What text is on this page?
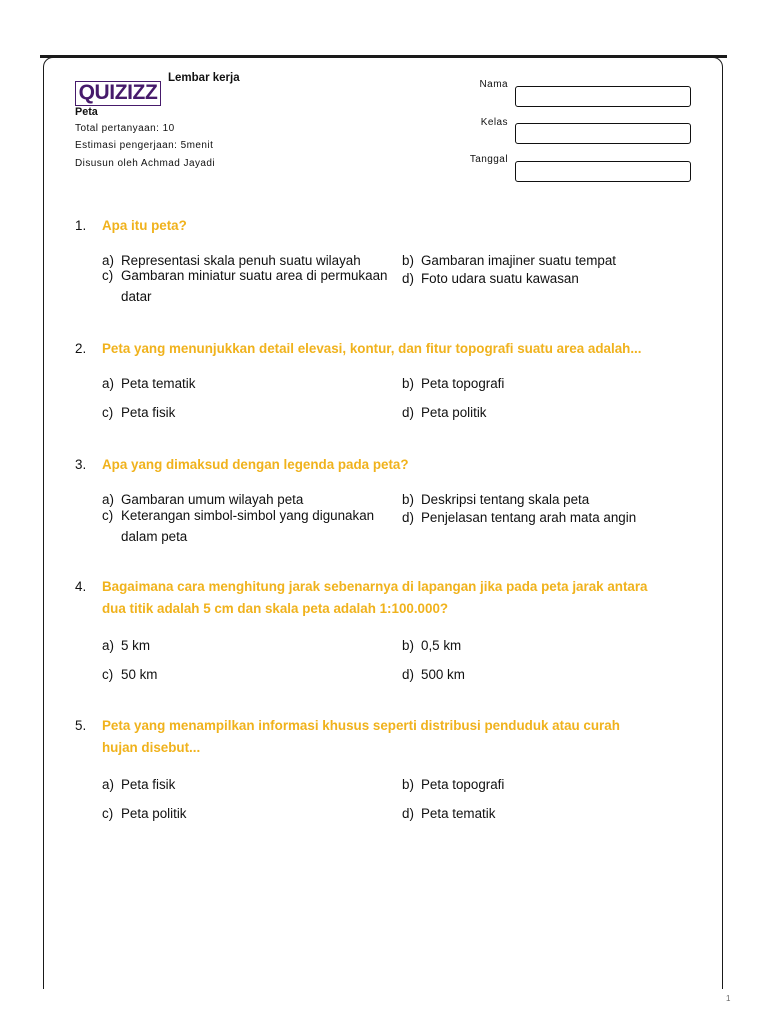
QUIZIZZ
Lembar kerja
Peta
Total pertanyaan: 10
Estimasi pengerjaan: 5menit
Disusun oleh Achmad Jayadi
Nama
Kelas
Tanggal
1. Apa itu peta?
a) Representasi skala penuh suatu wilayah	b) Gambaran imajiner suatu tempat
c) Gambaran miniatur suatu area di permukaan datar
d) Foto udara suatu kawasan
2. Peta yang menunjukkan detail elevasi, kontur, dan fitur topografi suatu area adalah...
a) Peta tematik	b) Peta topografi
c) Peta fisik	d) Peta politik
3. Apa yang dimaksud dengan legenda pada peta?
a) Gambaran umum wilayah peta	b) Deskripsi tentang skala peta
c) Keterangan simbol-simbol yang digunakan dalam peta
d) Penjelasan tentang arah mata angin
4. Bagaimana cara menghitung jarak sebenarnya di lapangan jika pada peta jarak antara dua titik adalah 5 cm dan skala peta adalah 1:100.000?
a) 5 km	b) 0,5 km
c) 50 km	d) 500 km
5. Peta yang menampilkan informasi khusus seperti distribusi penduduk atau curah hujan disebut...
a) Peta fisik	b) Peta topografi
c) Peta politik	d) Peta tematik
1
